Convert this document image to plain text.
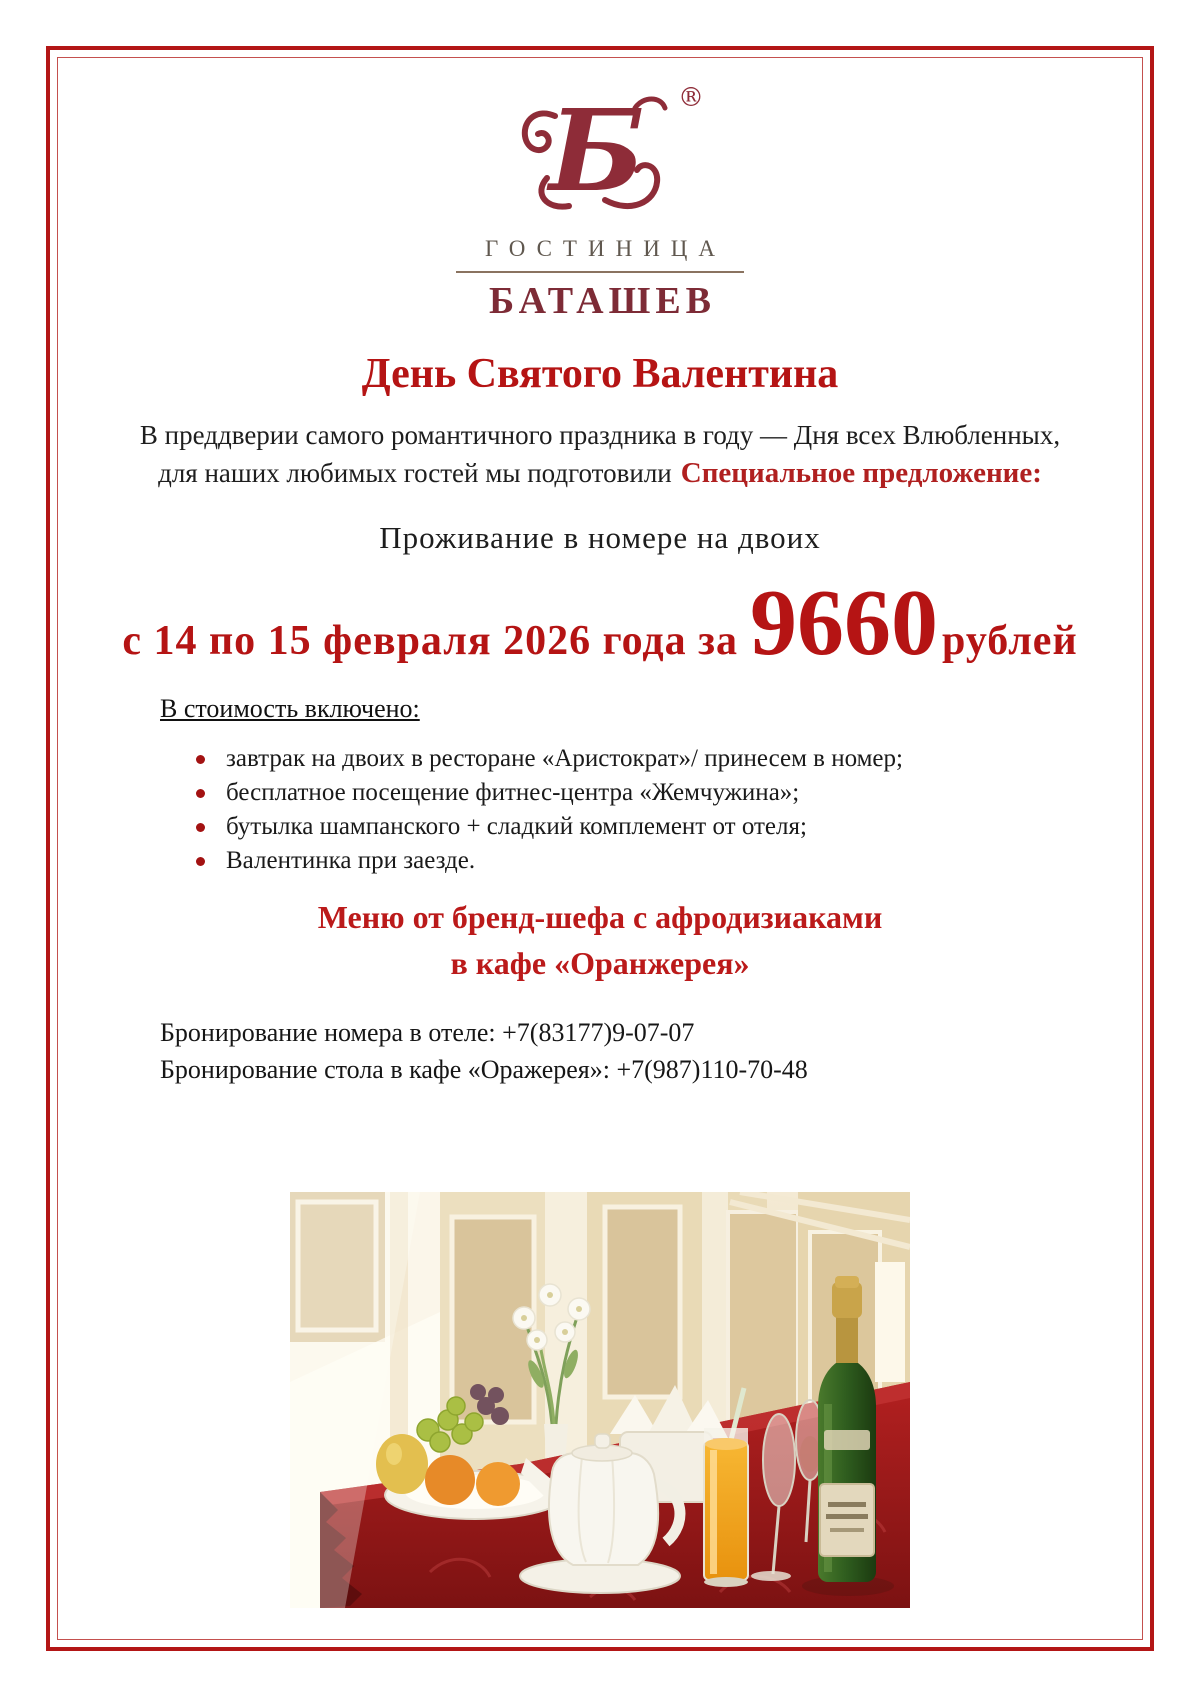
Б ®
ГОСТИНИЦА
БАТАШЕВ
День Святого Валентина
В преддверии самого романтичного праздника в году — Дня всех Влюбленных,
для наших любимых гостей мы подготовили Специальное предложение:
Проживание в номере на двоих
с 14 по 15 февраля 2026 года за 9660 рублей
В стоимость включено:
завтрак на двоих в ресторане «Аристократ»/ принесем в номер;
бесплатное посещение фитнес-центра «Жемчужина»;
бутылка шампанского + сладкий комплемент от отеля;
Валентинка при заезде.
Меню от бренд-шефа с афродизиаками
в кафе «Оранжерея»
Бронирование номера в отеле: +7(83177)9-07-07
Бронирование стола в кафе «Оражерея»: +7(987)110-70-48
